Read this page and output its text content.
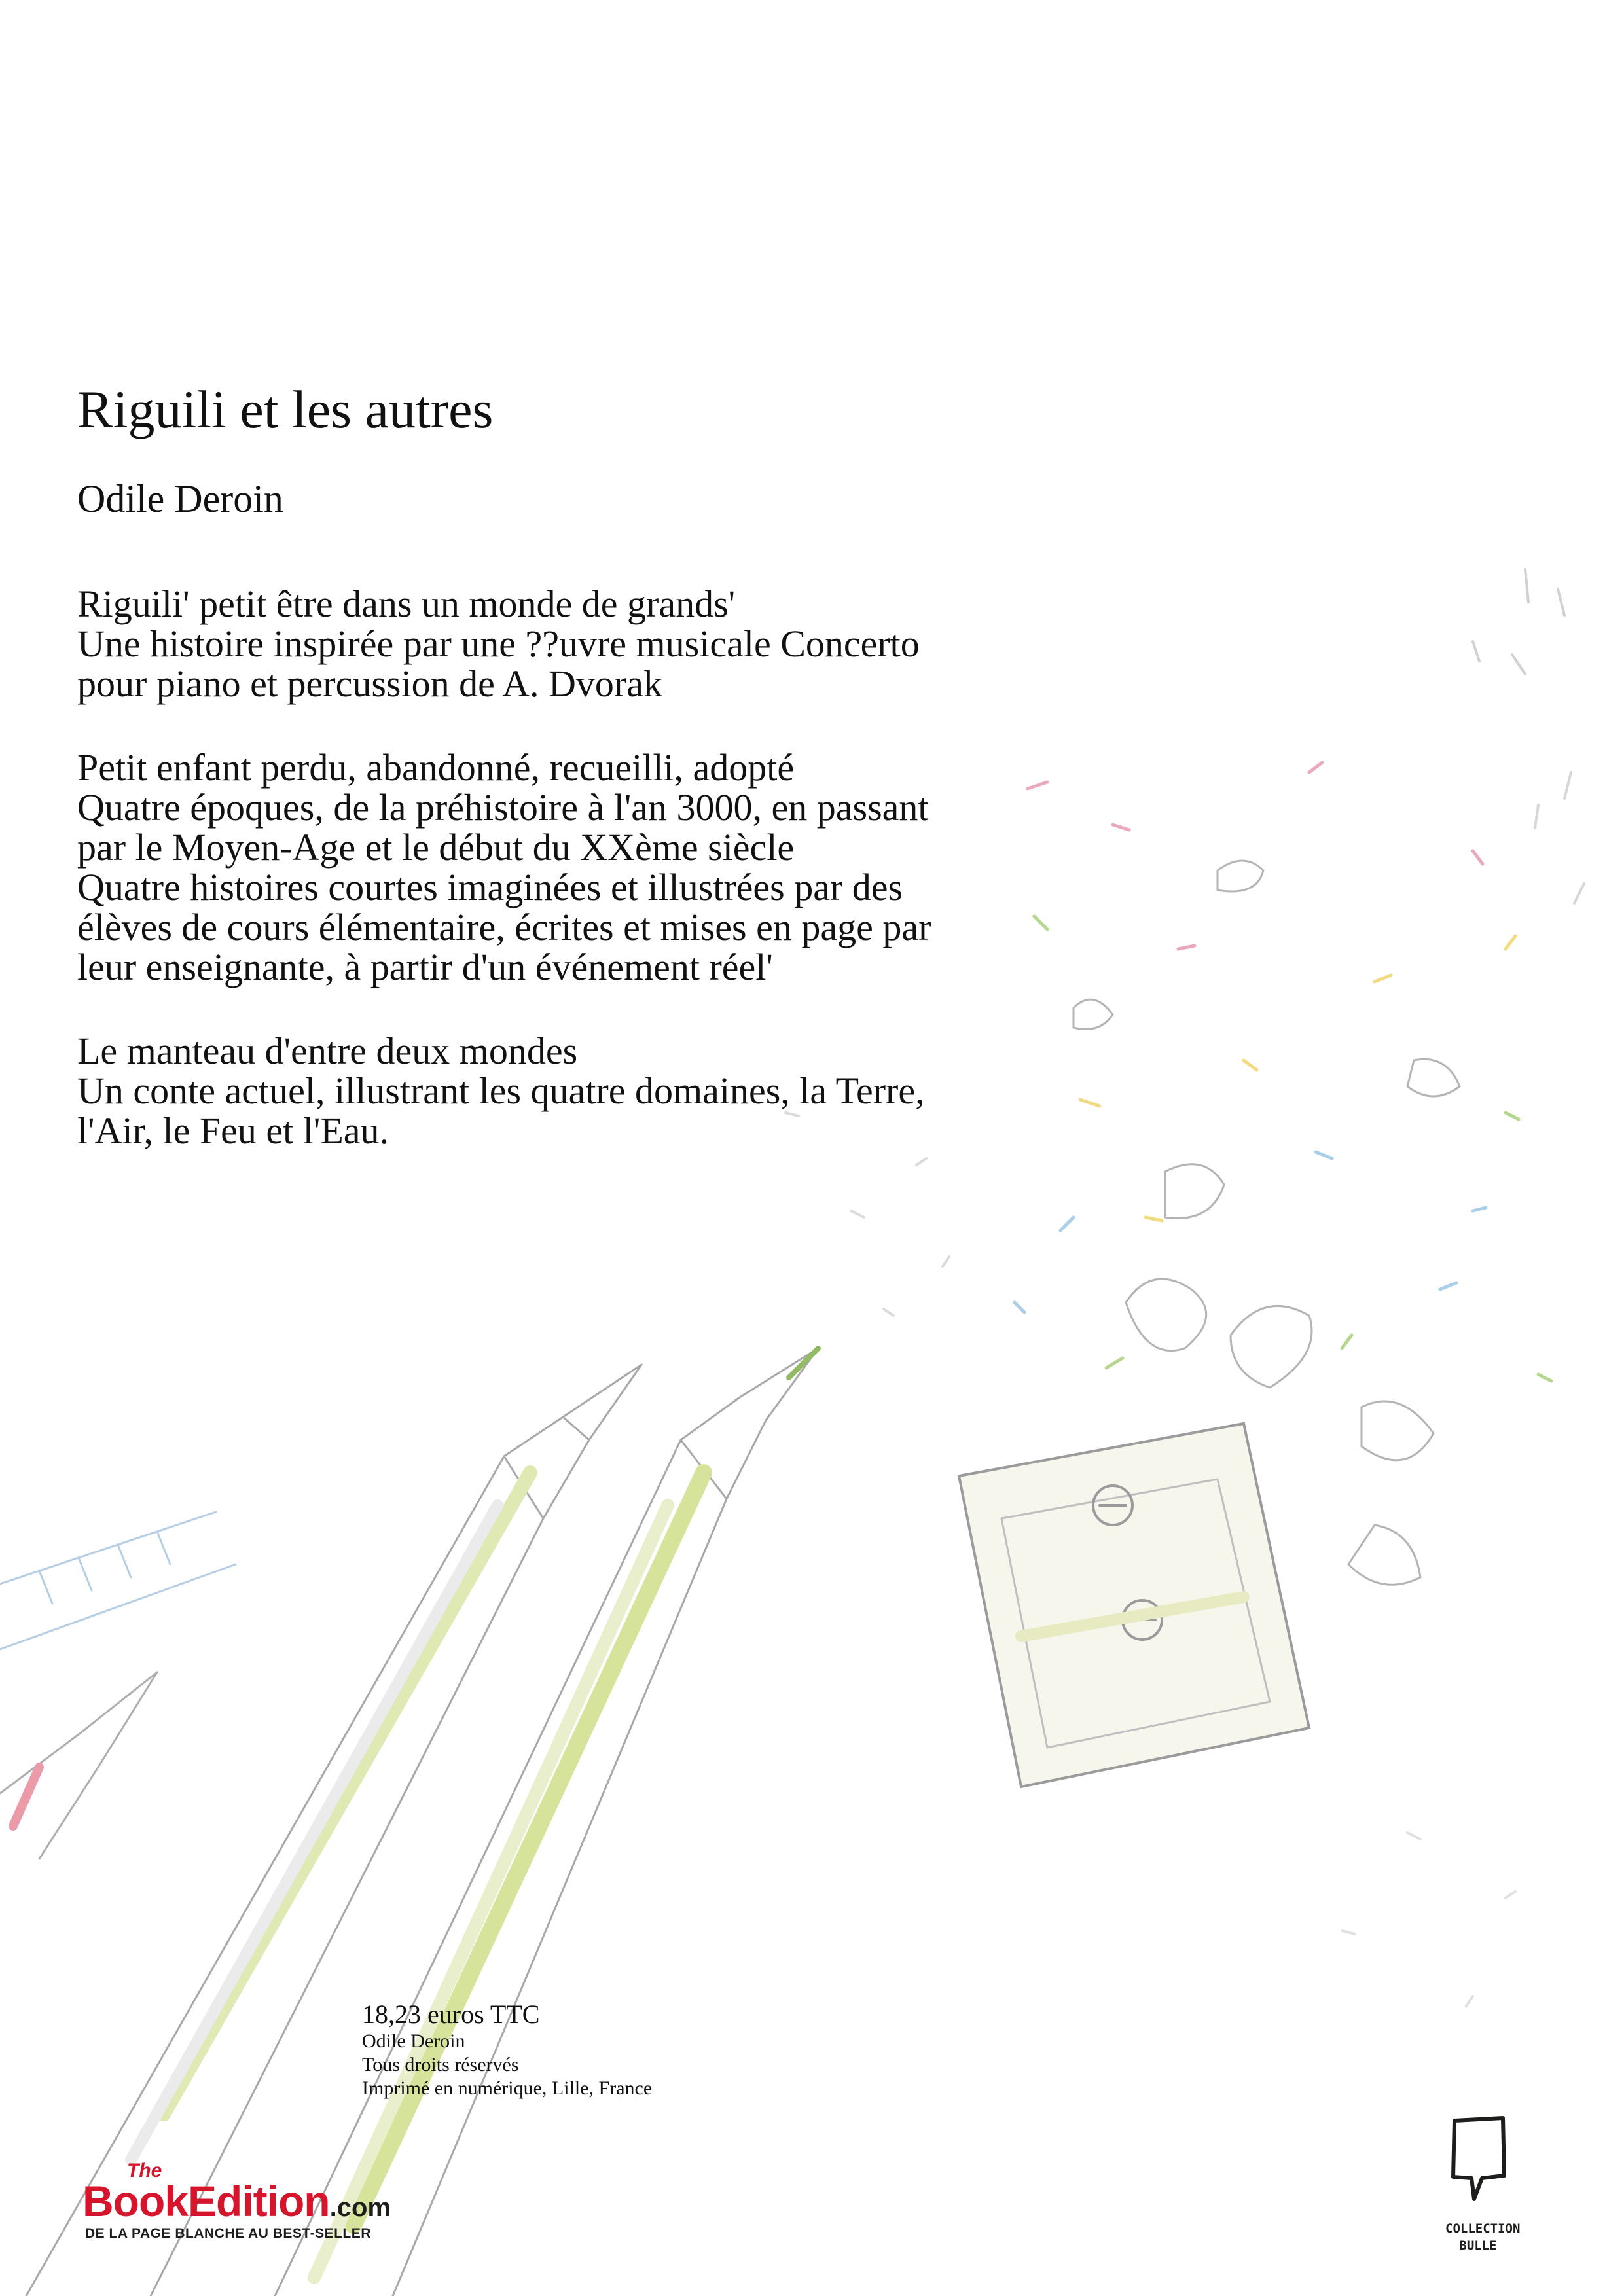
Riguili et les autres
Odile Deroin

Riguili' petit être dans un monde de grands'
Une histoire inspirée par une ??uvre musicale Concerto
pour piano et percussion de A. Dvorak

Petit enfant perdu, abandonné, recueilli, adopté
Quatre époques, de la préhistoire à l'an 3000, en passant
par le Moyen-Age et le début du XXème siècle
Quatre histoires courtes imaginées et illustrées par des
élèves de cours élémentaire, écrites et mises en page par
leur enseignante, à partir d'un événement réel'

Le manteau d'entre deux mondes
Un conte actuel, illustrant les quatre domaines, la Terre,
l'Air, le Feu et l'Eau.

18,23 euros TTC
Odile Deroin
Tous droits réservés
Imprimé en numérique, Lille, France
The
BookEdition.com
DE LA PAGE BLANCHE AU BEST-SELLER	COLLECTION
BULLE
